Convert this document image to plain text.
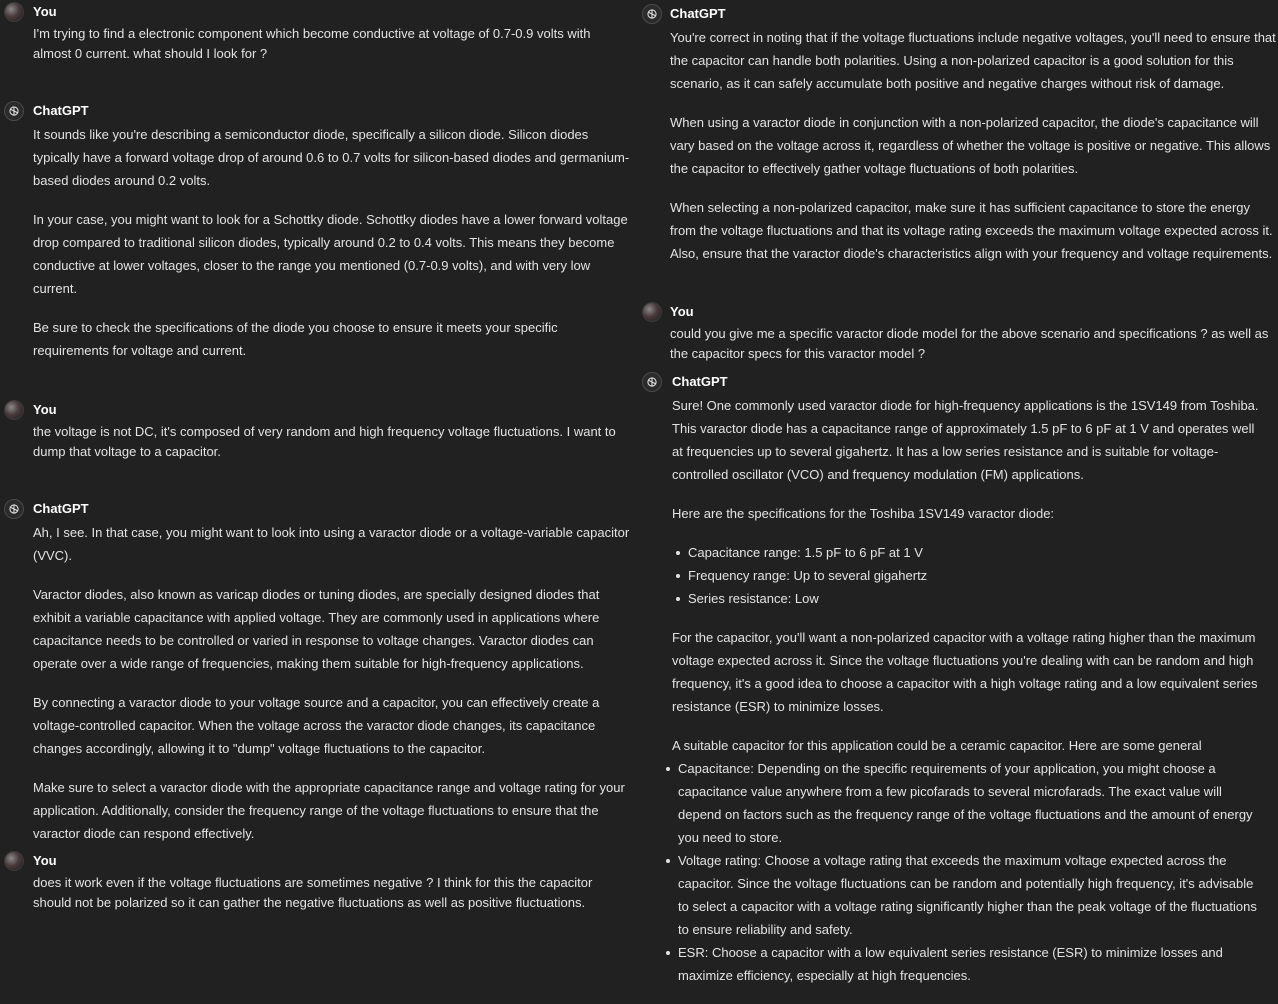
You
I'm trying to find a electronic component which become conductive at voltage of 0.7-0.9 volts with almost 0 current. what should I look for ?
ChatGPT

It sounds like you're describing a semiconductor diode, specifically a silicon diode. Silicon diodes typically have a forward voltage drop of around 0.6 to 0.7 volts for silicon-based diodes and germanium-based diodes around 0.2 volts.

In your case, you might want to look for a Schottky diode. Schottky diodes have a lower forward voltage drop compared to traditional silicon diodes, typically around 0.2 to 0.4 volts. This means they become conductive at lower voltages, closer to the range you mentioned (0.7-0.9 volts), and with very low current.

Be sure to check the specifications of the diode you choose to ensure it meets your specific requirements for voltage and current.

You
the voltage is not DC, it's composed of very random and high frequency voltage fluctuations. I want to dump that voltage to a capacitor.
ChatGPT

Ah, I see. In that case, you might want to look into using a varactor diode or a voltage-variable capacitor (VVC).

Varactor diodes, also known as varicap diodes or tuning diodes, are specially designed diodes that exhibit a variable capacitance with applied voltage. They are commonly used in applications where capacitance needs to be controlled or varied in response to voltage changes. Varactor diodes can operate over a wide range of frequencies, making them suitable for high-frequency applications.

By connecting a varactor diode to your voltage source and a capacitor, you can effectively create a voltage-controlled capacitor. When the voltage across the varactor diode changes, its capacitance changes accordingly, allowing it to "dump" voltage fluctuations to the capacitor.

Make sure to select a varactor diode with the appropriate capacitance range and voltage rating for your application. Additionally, consider the frequency range of the voltage fluctuations to ensure that the varactor diode can respond effectively.

You
does it work even if the voltage fluctuations are sometimes negative ? I think for this the capacitor should not be polarized so it can gather the negative fluctuations as well as positive fluctuations.
ChatGPT

You're correct in noting that if the voltage fluctuations include negative voltages, you'll need to ensure that the capacitor can handle both polarities. Using a non-polarized capacitor is a good solution for this scenario, as it can safely accumulate both positive and negative charges without risk of damage.

When using a varactor diode in conjunction with a non-polarized capacitor, the diode's capacitance will vary based on the voltage across it, regardless of whether the voltage is positive or negative. This allows the capacitor to effectively gather voltage fluctuations of both polarities.

When selecting a non-polarized capacitor, make sure it has sufficient capacitance to store the energy from the voltage fluctuations and that its voltage rating exceeds the maximum voltage expected across it. Also, ensure that the varactor diode's characteristics align with your frequency and voltage requirements.

You
could you give me a specific varactor diode model for the above scenario and specifications ? as well as the capacitor specs for this varactor model ?
ChatGPT

Sure! One commonly used varactor diode for high-frequency applications is the 1SV149 from Toshiba. This varactor diode has a capacitance range of approximately 1.5 pF to 6 pF at 1 V and operates well at frequencies up to several gigahertz. It has a low series resistance and is suitable for voltage-controlled oscillator (VCO) and frequency modulation (FM) applications.

Here are the specifications for the Toshiba 1SV149 varactor diode:

Capacitance range: 1.5 pF to 6 pF at 1 V
Frequency range: Up to several gigahertz
Series resistance: Low

For the capacitor, you'll want a non-polarized capacitor with a voltage rating higher than the maximum voltage expected across it. Since the voltage fluctuations you're dealing with can be random and high frequency, it's a good idea to choose a capacitor with a high voltage rating and a low equivalent series resistance (ESR) to minimize losses.

A suitable capacitor for this application could be a ceramic capacitor. Here are some general

Capacitance: Depending on the specific requirements of your application, you might choose a capacitance value anywhere from a few picofarads to several microfarads. The exact value will depend on factors such as the frequency range of the voltage fluctuations and the amount of energy you need to store.
Voltage rating: Choose a voltage rating that exceeds the maximum voltage expected across the capacitor. Since the voltage fluctuations can be random and potentially high frequency, it's advisable to select a capacitor with a voltage rating significantly higher than the peak voltage of the fluctuations to ensure reliability and safety.
ESR: Choose a capacitor with a low equivalent series resistance (ESR) to minimize losses and maximize efficiency, especially at high frequencies.
